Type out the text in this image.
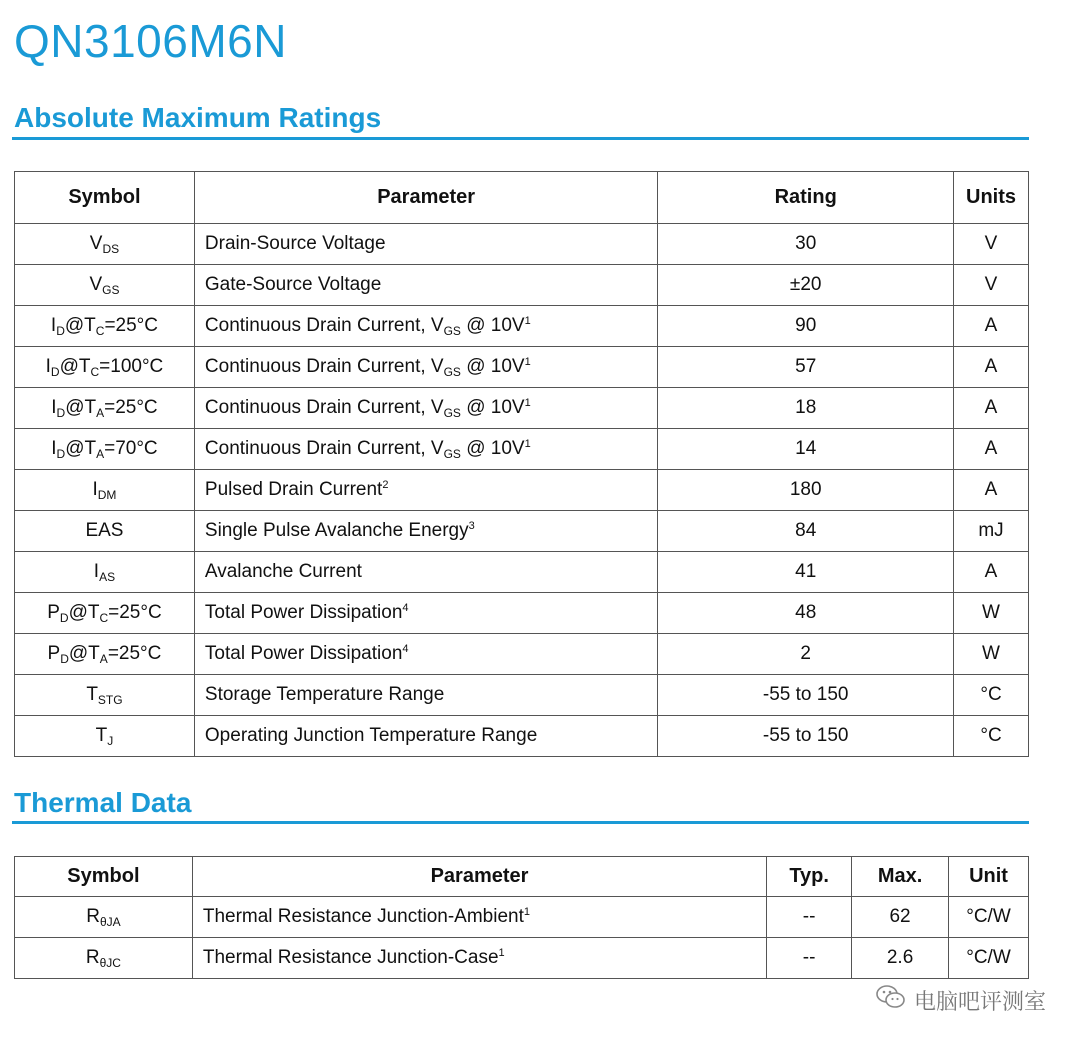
QN3106M6N
Absolute Maximum Ratings
Symbol	Parameter	Rating	Units
$V_{DS}$	Drain-Source Voltage	30	V
$V_{GS}$	Gate-Source Voltage	±20	V
$I_D@T_C=25^\circ C$	Continuous Drain Current, $V_{GS}$ @ $10V^1$	90	A
$I_D@T_C=100^\circ C$	Continuous Drain Current, $V_{GS}$ @ $10V^1$	57	A
$I_D@T_A=25^\circ C$	Continuous Drain Current, $V_{GS}$ @ $10V^1$	18	A
$I_D@T_A=70^\circ C$	Continuous Drain Current, $V_{GS}$ @ $10V^1$	14	A
$I_{DM}$	Pulsed Drain Current$^2$	180	A
EAS	Single Pulse Avalanche Energy$^3$	84	mJ
$I_{AS}$	Avalanche Current	41	A
$P_D@T_C=25^\circ C$	Total Power Dissipation$^4$	48	W
$P_D@T_A=25^\circ C$	Total Power Dissipation$^4$	2	W
$T_{STG}$	Storage Temperature Range	-55 to 150	°C
$T_J$	Operating Junction Temperature Range	-55 to 150	°C
Thermal Data
Symbol	Parameter	Typ.	Max.	Unit
$R_{\theta JA}$	Thermal Resistance Junction-Ambient$^1$	--	62	°C/W
$R_{\theta JC}$	Thermal Resistance Junction-Case$^1$	--	2.6	°C/W
电脑吧评测室
